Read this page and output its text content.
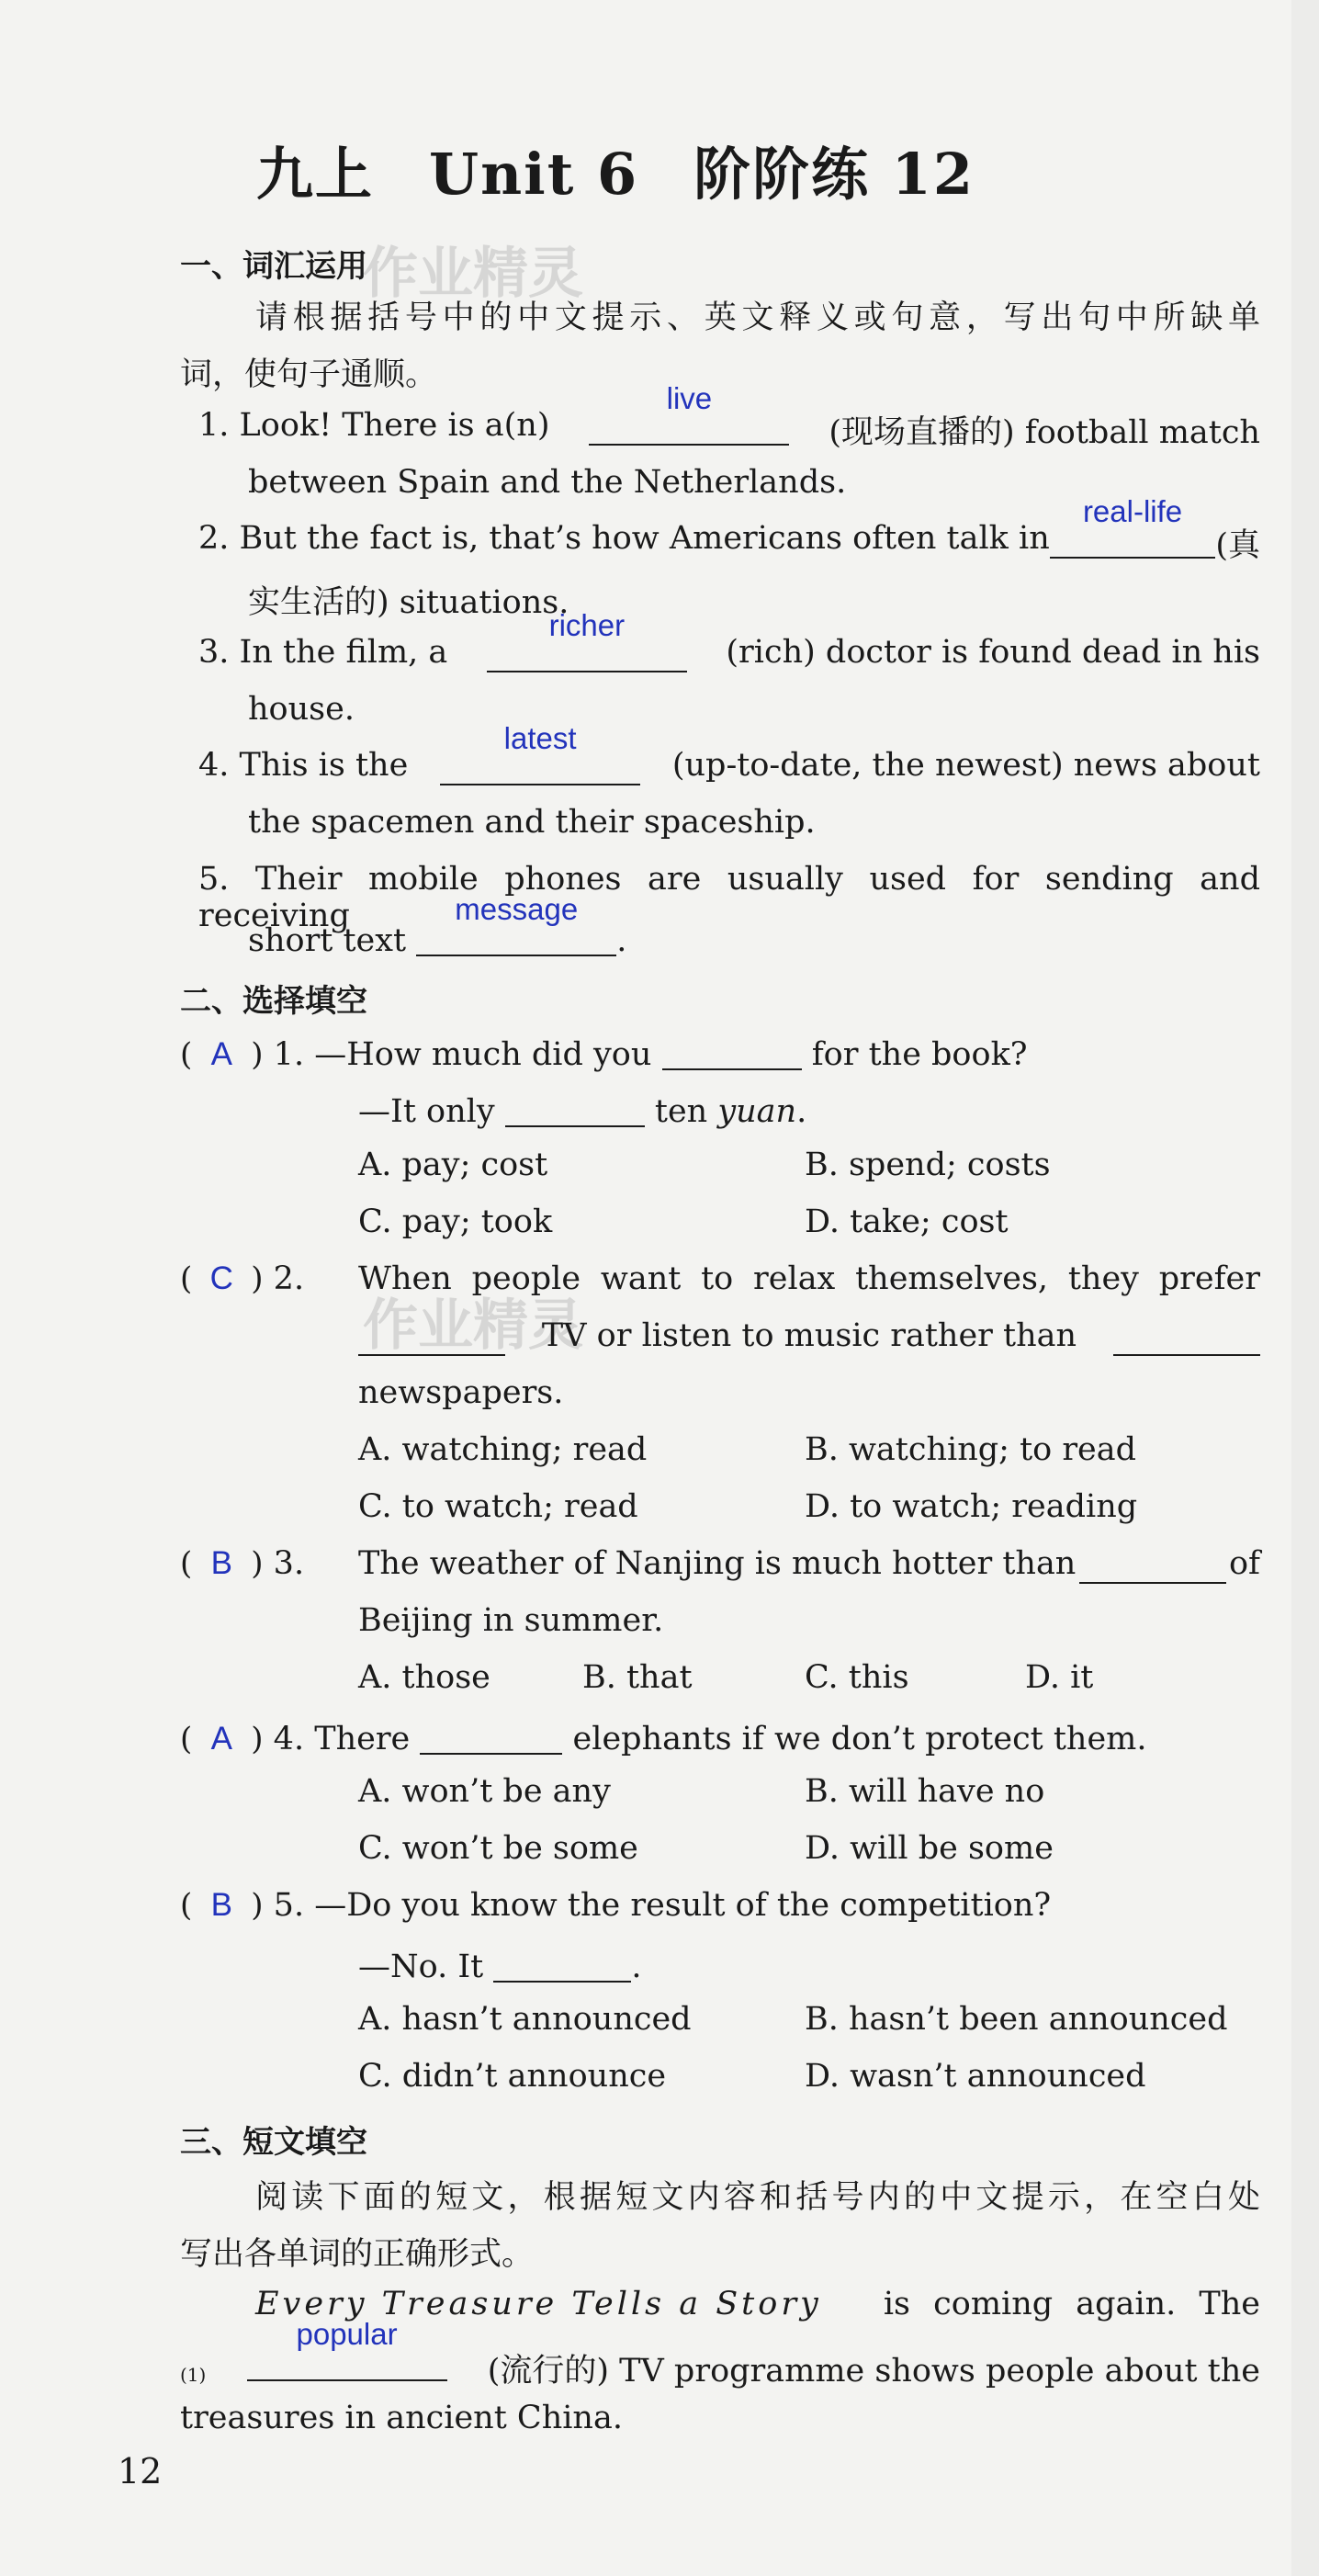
九上 Unit 6 阶阶练 12
作业精灵
作业精灵
一、词汇运用
请根据括号中的中文提示、英文释义或句意，写出句中所缺单
词，使句子通顺。
1. Look! There is a(n)
live
(现场直播的) football match
between Spain and the Netherlands.
2. But the fact is, that’s how Americans often talk in
real-life
(真
实生活的) situations.
3. In the film, a
richer
(rich) doctor is found dead in his
house.
4. This is the
latest
(up-to-date, the newest) news about
the spacemen and their spaceship.
5. Their mobile phones are usually used for sending and receiving
short text
message
.
二、选择填空
( A ) 1. —How much did you	for the book?
—It only	ten yuan.
A. pay; cost	B. spend; costs
C. pay; took	D. take; cost
( C ) 2. When people want to relax themselves, they prefer
TV or listen to music rather than
newspapers.
A. watching; read	B. watching; to read
C. to watch; read	D. to watch; reading
( B ) 3. The weather of Nanjing is much hotter than	of
Beijing in summer.
A. those	B. that	C. this	D. it
( A ) 4. There	elephants if we don’t protect them.
A. won’t be any	B. will have no
C. won’t be some	D. will be some
( B ) 5. —Do you know the result of the competition?
—No. It	.
A. hasn’t announced	B. hasn’t been announced
C. didn’t announce	D. wasn’t announced
三、短文填空
阅读下面的短文，根据短文内容和括号内的中文提示，在空白处
写出各单词的正确形式。
Every Treasure Tells a Story is coming again. The
(1)
popular
(流行的) TV programme shows people about the
treasures in ancient China.
12
